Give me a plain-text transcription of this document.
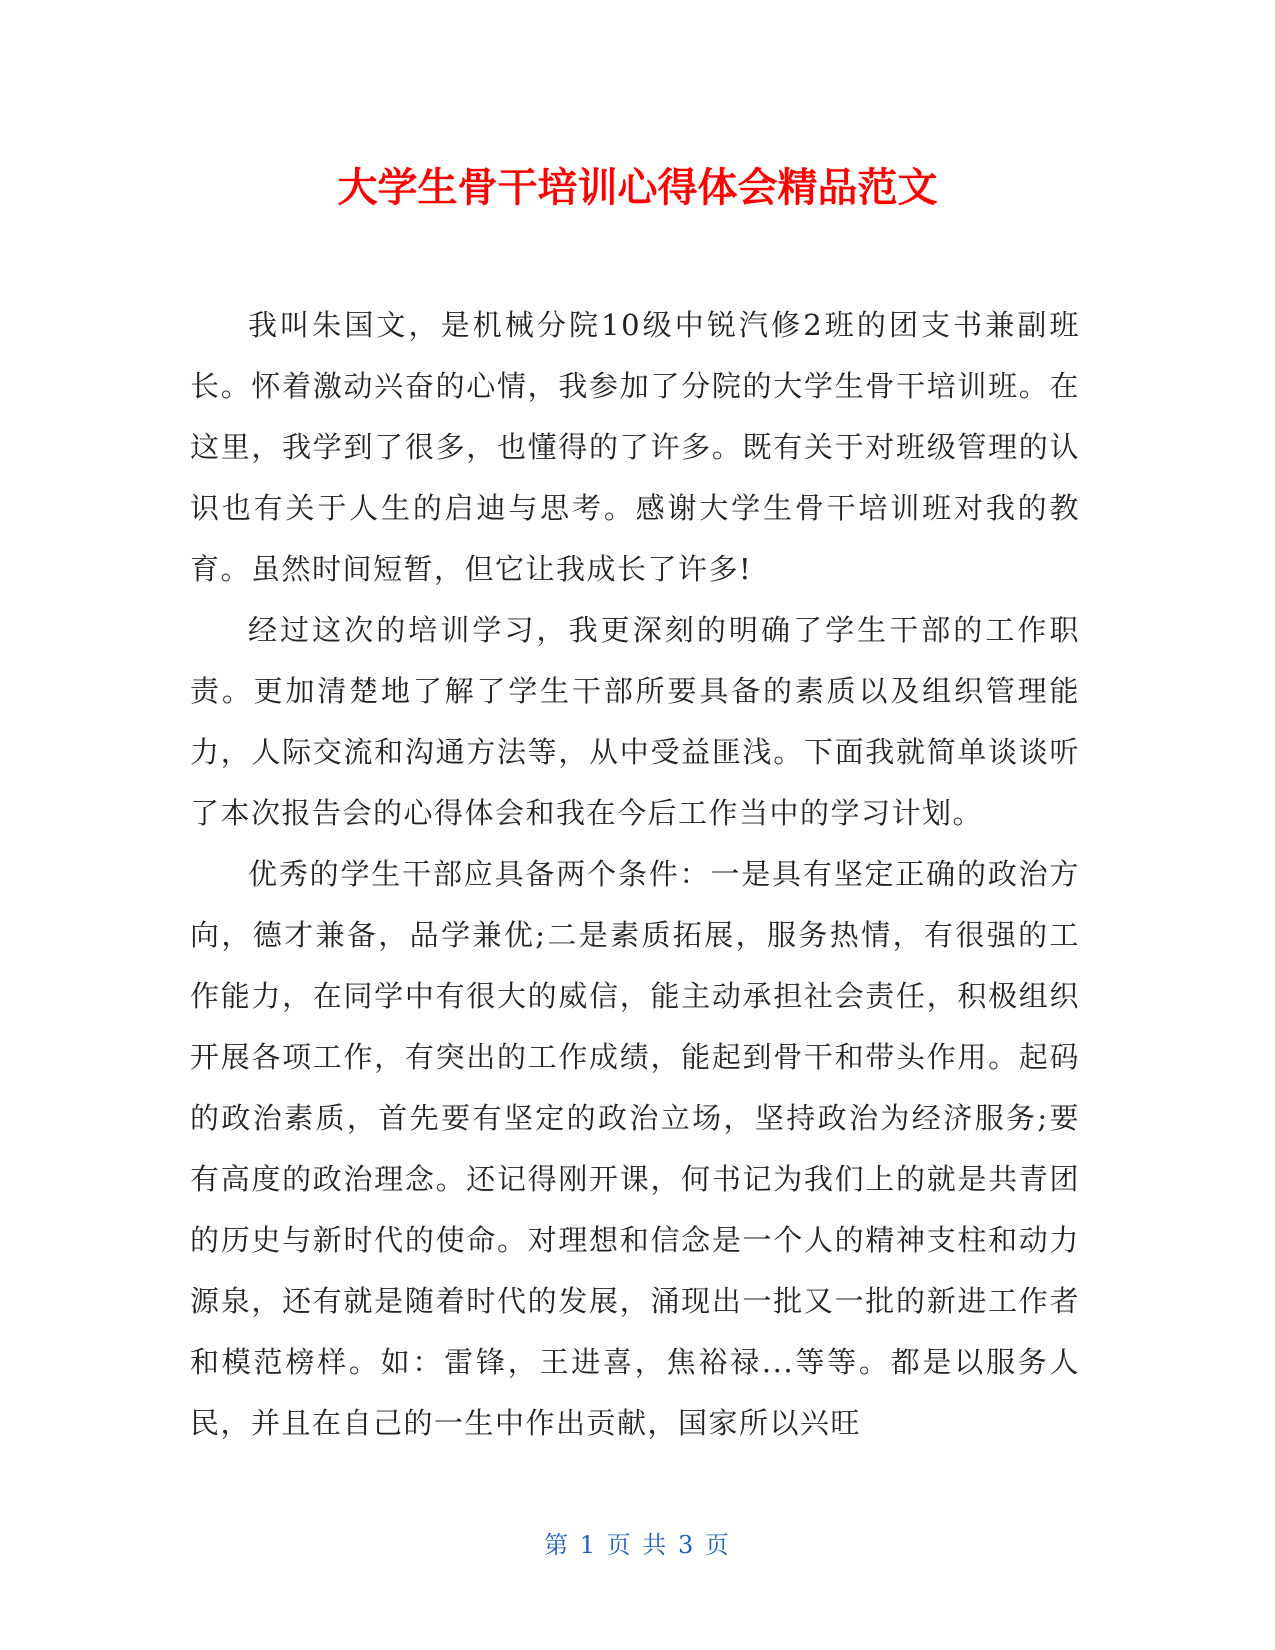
大学生骨干培训心得体会精品范文

我叫朱国文，是机械分院10级中锐汽修2班的团支书兼副班长。怀着激动兴奋的心情，我参加了分院的大学生骨干培训班。在这里，我学到了很多，也懂得的了许多。既有关于对班级管理的认识也有关于人生的启迪与思考。感谢大学生骨干培训班对我的教育。虽然时间短暂，但它让我成长了许多!

经过这次的培训学习，我更深刻的明确了学生干部的工作职责。更加清楚地了解了学生干部所要具备的素质以及组织管理能力，人际交流和沟通方法等，从中受益匪浅。下面我就简单谈谈听了本次报告会的心得体会和我在今后工作当中的学习计划。

优秀的学生干部应具备两个条件：一是具有坚定正确的政治方向，德才兼备，品学兼优;二是素质拓展，服务热情，有很强的工作能力，在同学中有很大的威信，能主动承担社会责任，积极组织开展各项工作，有突出的工作成绩，能起到骨干和带头作用。起码的政治素质，首先要有坚定的政治立场，坚持政治为经济服务;要有高度的政治理念。还记得刚开课，何书记为我们上的就是共青团的历史与新时代的使命。对理想和信念是一个人的精神支柱和动力源泉，还有就是随着时代的发展，涌现出一批又一批的新进工作者和模范榜样。如：雷锋，王进喜，焦裕禄...等等。都是以服务人民，并且在自己的一生中作出贡献，国家所以兴旺

第 1 页 共 3 页
